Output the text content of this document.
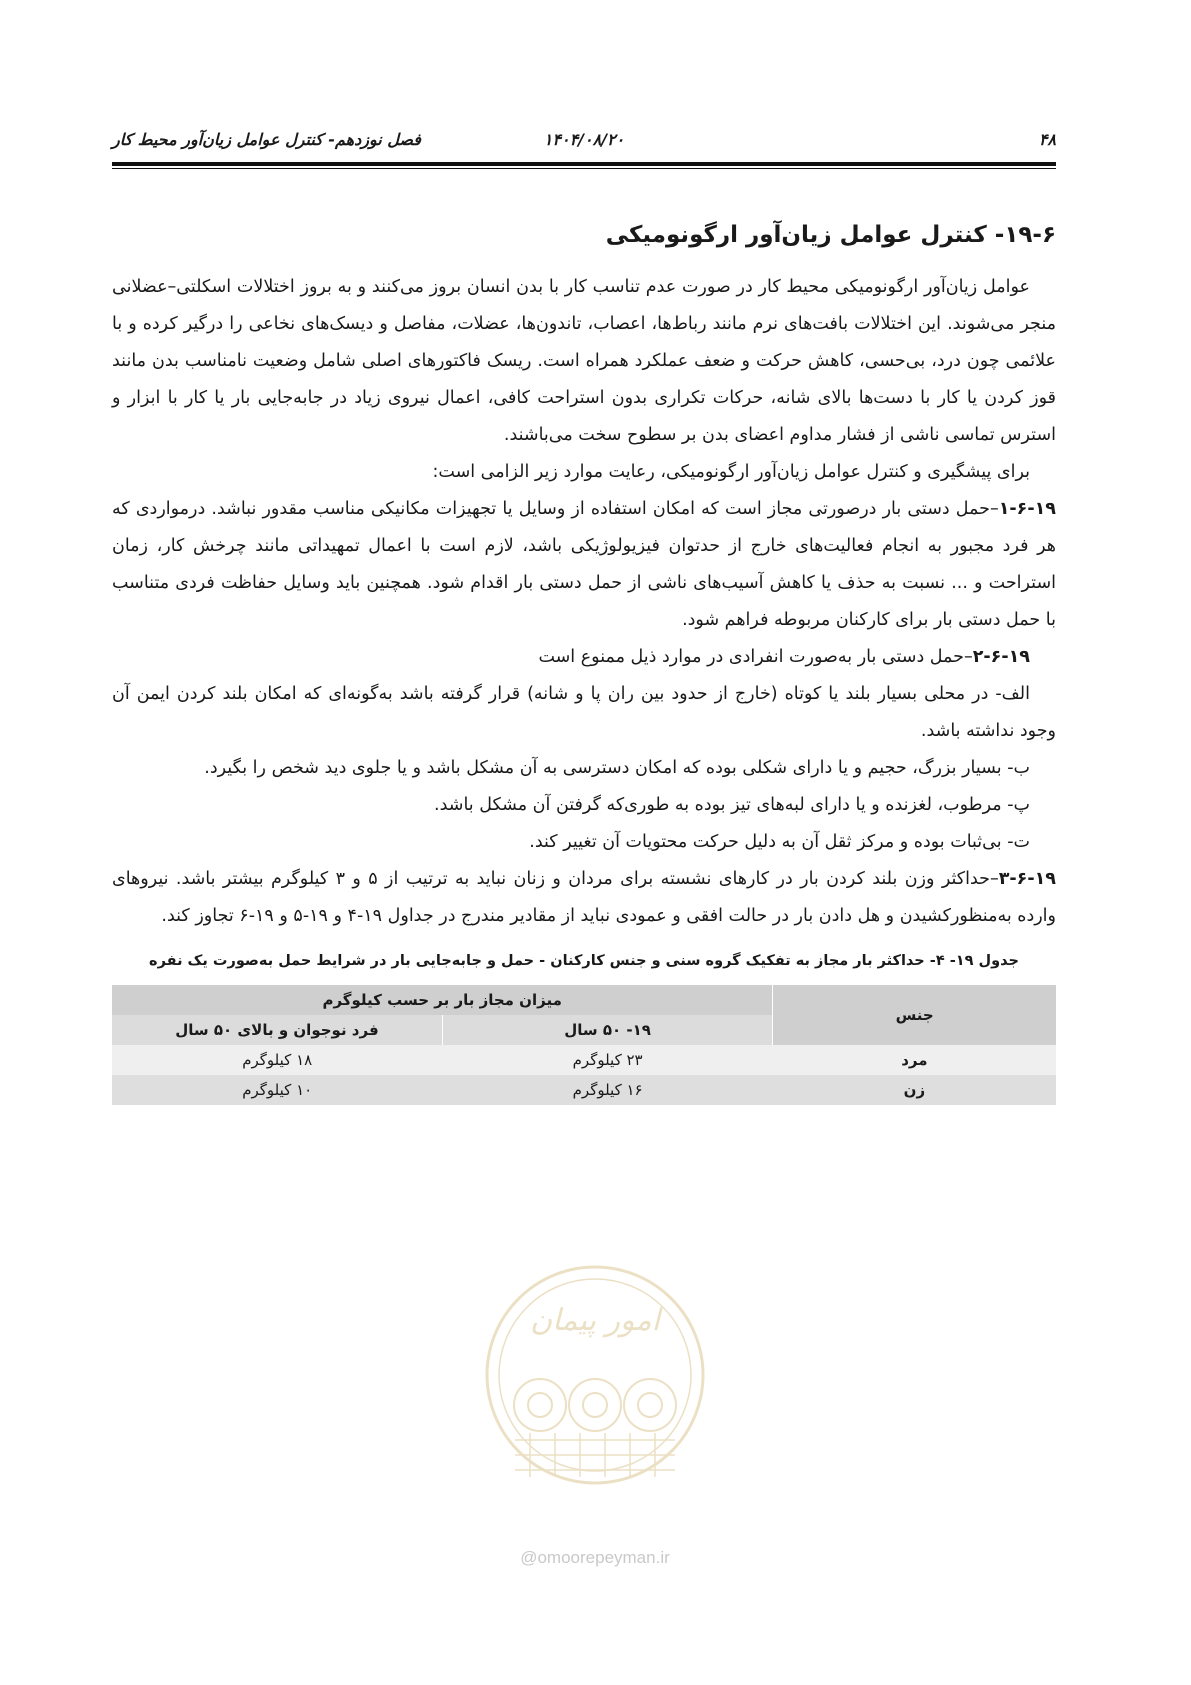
۴۸
۱۴۰۴/۰۸/۲۰
فصل نوزدهم- کنترل عوامل زیان‌آور محیط کار
۱۹-۶- کنترل عوامل زیان‌آور ارگونومیکی

عوامل زیان‌آور ارگونومیکی محیط کار در صورت عدم تناسب کار با بدن انسان بروز می‌کنند و به بروز اختلالات اسکلتی–عضلانی منجر می‌شوند. این اختلالات بافت‌های نرم مانند رباط‌ها، اعصاب، تاندون‌ها، عضلات، مفاصل و دیسک‌های نخاعی را درگیر کرده و با علائمی چون درد، بی‌حسی، کاهش حرکت و ضعف عملکرد همراه است. ریسک فاکتورهای اصلی شامل وضعیت نامناسب بدن مانند قوز کردن یا کار با دست‌ها بالای شانه، حرکات تکراری بدون استراحت کافی، اعمال نیروی زیاد در جابه‌جایی بار یا کار با ابزار و استرس تماسی ناشی از فشار مداوم اعضای بدن بر سطوح سخت می‌باشند.

برای پیشگیری و کنترل عوامل زیان‌آور ارگونومیکی، رعایت موارد زیر الزامی است:

۱-۶-۱۹–حمل دستی بار درصورتی مجاز است که امکان استفاده از وسایل یا تجهیزات مکانیکی مناسب مقدور نباشد. درمواردی که هر فرد مجبور به انجام فعالیت‌های خارج از حدتوان فیزیولوژیکی باشد، لازم است با اعمال تمهیداتی مانند چرخش کار، زمان استراحت و ... نسبت به حذف یا کاهش آسیب‌های ناشی از حمل دستی بار اقدام شود. همچنین باید وسایل حفاظت فردی متناسب با حمل دستی بار برای کارکنان مربوطه فراهم شود.

۲-۶-۱۹–حمل دستی بار به‌صورت انفرادی در موارد ذیل ممنوع است

الف- در محلی بسیار بلند یا کوتاه (خارج از حدود بین ران پا و شانه) قرار گرفته باشد به‌گونه‌ای که امکان بلند کردن ایمن آن وجود نداشته باشد.

ب- بسیار بزرگ، حجیم و یا دارای شکلی بوده که امکان دسترسی به آن مشکل باشد و یا جلوی دید شخص را بگیرد.

پ- مرطوب، لغزنده و یا دارای لبه‌های تیز بوده به طوری‌که گرفتن آن مشکل باشد.

ت- بی‌ثبات بوده و مرکز ثقل آن به دلیل حرکت محتویات آن تغییر کند.

۳-۶-۱۹–حداکثر وزن بلند کردن بار در کارهای نشسته برای مردان و زنان نباید به ترتیب از ۵ و ۳ کیلوگرم بیشتر باشد. نیروهای وارده به‌منظورکشیدن و هل دادن بار در حالت افقی و عمودی نباید از مقادیر مندرج در جداول ۱۹-۴ و ۱۹-۵ و ۱۹-۶ تجاوز کند.

جدول ۱۹- ۴- حداکثر بار مجاز به تفکیک گروه سنی و جنس کارکنان - حمل و جابه‌جایی بار در شرایط حمل به‌صورت یک نفره
جنس	میزان مجاز بار بر حسب کیلوگرم	
	۱۹- ۵۰ سال	فرد نوجوان و بالای ۵۰ سال
مرد	۲۳ کیلوگرم	۱۸ کیلوگرم
زن	۱۶ کیلوگرم	۱۰ کیلوگرم
امور پیمان
@omoorepeyman.ir
